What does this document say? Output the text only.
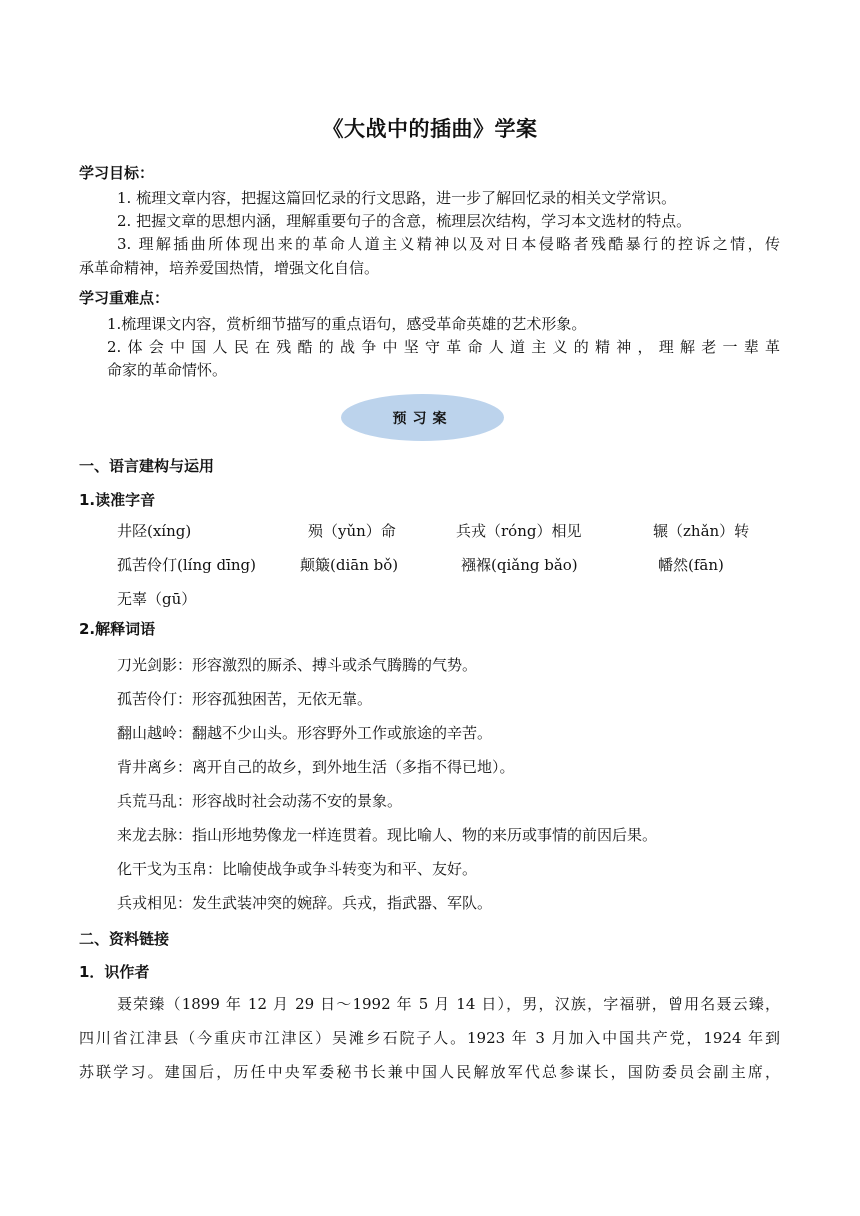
《大战中的插曲》学案
学习目标：
1. 梳理文章内容，把握这篇回忆录的行文思路，进一步了解回忆录的相关文学常识。
2. 把握文章的思想内涵，理解重要句子的含意，梳理层次结构，学习本文选材的特点。
3. 理解插曲所体现出来的革命人道主义精神以及对日本侵略者残酷暴行的控诉之情，传
承革命精神，培养爱国热情，增强文化自信。
学习重难点：
1.梳理课文内容，赏析细节描写的重点语句，感受革命英雄的艺术形象。
2.体会中国人民在残酷的战争中坚守革命人道主义的精神，理解老一辈革
命家的革命情怀。
预习案
一、语言建构与运用
1.读准字音
井陉(xíng)	殒（yǔn）命	兵戎（róng）相见	辗（zhǎn）转
孤苦伶仃(líng dīng)	颠簸(diān bǒ)	襁褓(qiǎng bǎo)	幡然(fān)
无辜（gū）
2.解释词语
刀光剑影：形容激烈的厮杀、搏斗或杀气腾腾的气势。
孤苦伶仃：形容孤独困苦，无依无靠。
翻山越岭：翻越不少山头。形容野外工作或旅途的辛苦。
背井离乡：离开自己的故乡，到外地生活（多指不得已地）。
兵荒马乱：形容战时社会动荡不安的景象。
来龙去脉：指山形地势像龙一样连贯着。现比喻人、物的来历或事情的前因后果。
化干戈为玉帛：比喻使战争或争斗转变为和平、友好。
兵戎相见：发生武装冲突的婉辞。兵戎，指武器、军队。
二、资料链接
1．识作者
聂荣臻（1899 年 12 月 29 日～1992 年 5 月 14 日），男，汉族，字福骈，曾用名聂云臻，
四川省江津县（今重庆市江津区）吴滩乡石院子人。1923 年 3 月加入中国共产党，1924 年到
苏联学习。建国后，历任中央军委秘书长兼中国人民解放军代总参谋长，国防委员会副主席，
